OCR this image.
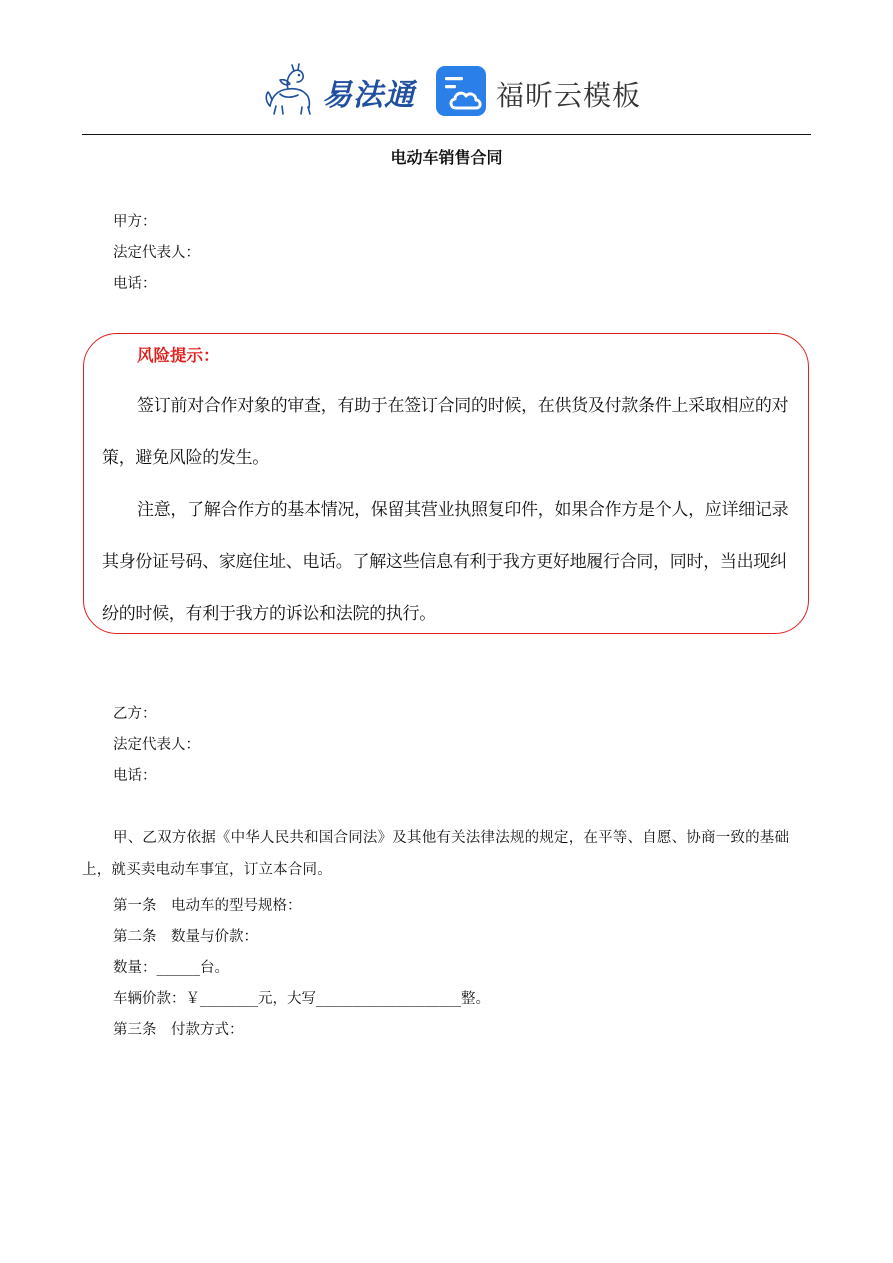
易法通	福昕云模板
电动车销售合同
甲方：
法定代表人：
电话：
风险提示：

签订前对合作对象的审查，有助于在签订合同的时候，在供货及付款条件上采取相应的对策，避免风险的发生。

注意，了解合作方的基本情况，保留其营业执照复印件，如果合作方是个人，应详细记录其身份证号码、家庭住址、电话。了解这些信息有利于我方更好地履行合同，同时，当出现纠纷的时候，有利于我方的诉讼和法院的执行。

乙方：
法定代表人：
电话：

甲、乙双方依据《中华人民共和国合同法》及其他有关法律法规的规定，在平等、自愿、协商一致的基础上，就买卖电动车事宜，订立本合同。

第一条　电动车的型号规格：
第二条　数量与价款：
数量：______台。
车辆价款：￥________元，大写____________________整。
第三条　付款方式：
